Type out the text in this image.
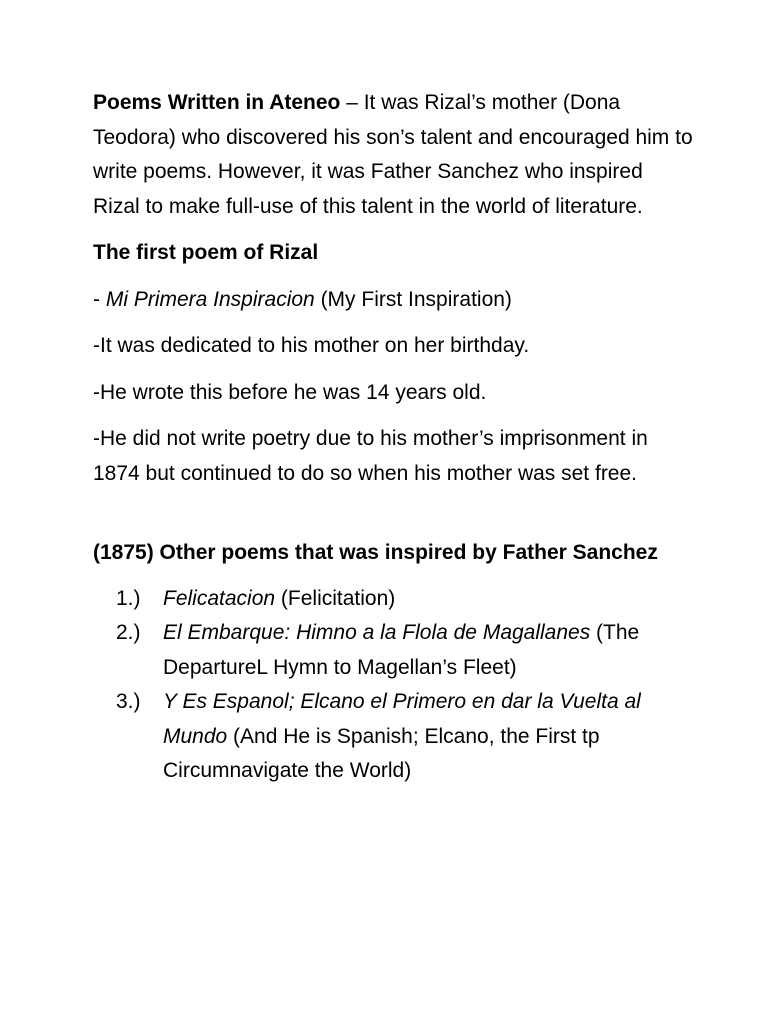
Poems Written in Ateneo – It was Rizal’s mother (Dona Teodora) who discovered his son’s talent and encouraged him to write poems. However, it was Father Sanchez who inspired Rizal to make full-use of this talent in the world of literature.

The first poem of Rizal

- Mi Primera Inspiracion (My First Inspiration)

-It was dedicated to his mother on her birthday.

-He wrote this before he was 14 years old.

-He did not write poetry due to his mother’s imprisonment in 1874 but continued to do so when his mother was set free.

(1875) Other poems that was inspired by Father Sanchez

1.) Felicatacion (Felicitation)
2.) El Embarque: Himno a la Flola de Magallanes (The DepartureL Hymn to Magellan’s Fleet)
3.) Y Es Espanol; Elcano el Primero en dar la Vuelta al Mundo (And He is Spanish; Elcano, the First tp Circumnavigate the World)
